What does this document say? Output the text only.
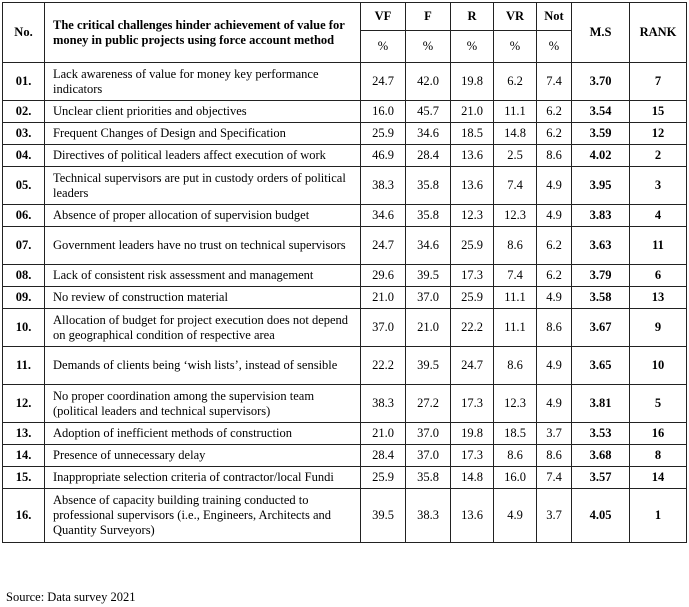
No.	The critical challenges hinder achievement of value for money in public projects using force account method	VF	F	R	VR	Not	M.S	RANK
		%	%	%	%	%		
01.	Lack awareness of value for money key performance indicators	24.7	42.0	19.8	6.2	7.4	3.70	7
02.	Unclear client priorities and objectives	16.0	45.7	21.0	11.1	6.2	3.54	15
03.	Frequent Changes of Design and Specification	25.9	34.6	18.5	14.8	6.2	3.59	12
04.	Directives of political leaders affect execution of work	46.9	28.4	13.6	2.5	8.6	4.02	2
05.	Technical supervisors are put in custody orders of political leaders	38.3	35.8	13.6	7.4	4.9	3.95	3
06.	Absence of proper allocation of supervision budget	34.6	35.8	12.3	12.3	4.9	3.83	4
07.	Government leaders have no trust on technical supervisors	24.7	34.6	25.9	8.6	6.2	3.63	11
08.	Lack of consistent risk assessment and management	29.6	39.5	17.3	7.4	6.2	3.79	6
09.	No review of construction material	21.0	37.0	25.9	11.1	4.9	3.58	13
10.	Allocation of budget for project execution does not depend on geographical condition of respective area	37.0	21.0	22.2	11.1	8.6	3.67	9
11.	Demands of clients being ‘wish lists’, instead of sensible	22.2	39.5	24.7	8.6	4.9	3.65	10
12.	No proper coordination among the supervision team (political leaders and technical supervisors)	38.3	27.2	17.3	12.3	4.9	3.81	5
13.	Adoption of inefficient methods of construction	21.0	37.0	19.8	18.5	3.7	3.53	16
14.	Presence of unnecessary delay	28.4	37.0	17.3	8.6	8.6	3.68	8
15.	Inappropriate selection criteria of contractor/local Fundi	25.9	35.8	14.8	16.0	7.4	3.57	14
16.	Absence of capacity building training conducted to professional supervisors (i.e., Engineers, Architects and Quantity Surveyors)	39.5	38.3	13.6	4.9	3.7	4.05	1
Source: Data survey 2021
